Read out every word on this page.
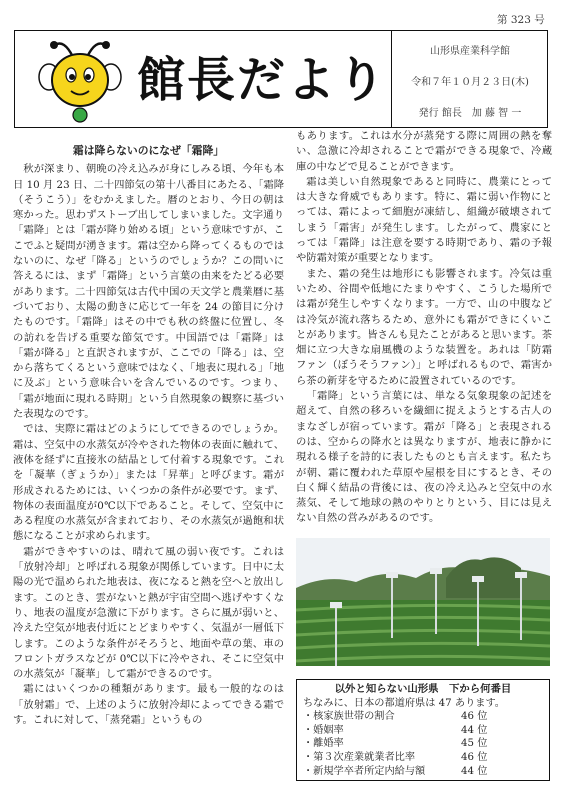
第 323 号
館長だより
山形県産業科学館
令和７年１０月２３日(木)
発行 館長　加 藤 智 一
霜は降らないのになぜ「霜降」

秋が深まり、朝晩の冷え込みが身にしみる頃、今年も本日 10 月 23 日、二十四節気の第十八番目にあたる、「霜降（そうこう）」をむかえました。暦のとおり、今日の朝は寒かった。思わずストーブ出してしまいました。文字通り「霜降」とは「霜が降り始める頃」という意味ですが、ここでふと疑問が湧きます。霜は空から降ってくるものではないのに、なぜ「降る」というのでしょうか？この問いに答えるには、まず「霜降」という言葉の由来をたどる必要があります。二十四節気は古代中国の天文学と農業暦に基づいており、太陽の動きに応じて一年を 24 の節目に分けたものです。「霜降」はその中でも秋の終盤に位置し、冬の訪れを告げる重要な節気です。中国語では「霜降」は「霜が降る」と直訳されますが、ここでの「降る」は、空から落ちてくるという意味ではなく、「地表に現れる」「地に及ぶ」という意味合いを含んでいるのです。つまり、「霜が地面に現れる時期」という自然現象の観察に基づいた表現なのです。

では、実際に霜はどのようにしてできるのでしょうか。霜は、空気中の水蒸気が冷やされた物体の表面に触れて、液体を経ずに直接氷の結晶として付着する現象です。これを「凝華（ぎょうか）」または「昇華」と呼びます。霜が形成されるためには、いくつかの条件が必要です。まず、物体の表面温度が0℃以下であること。そして、空気中にある程度の水蒸気が含まれており、その水蒸気が過飽和状態になることが求められます。

霜ができやすいのは、晴れて風の弱い夜です。これは「放射冷却」と呼ばれる現象が関係しています。日中に太陽の光で温められた地表は、夜になると熱を空へと放出します。このとき、雲がないと熱が宇宙空間へ逃げやすくなり、地表の温度が急激に下がります。さらに風が弱いと、冷えた空気が地表付近にとどまりやすく、気温が一層低下します。このような条件がそろうと、地面や草の葉、車のフロントガラスなどが 0℃以下に冷やされ、そこに空気中の水蒸気が「凝華」して霜ができるのです。

霜にはいくつかの種類があります。最も一般的なのは「放射霜」で、上述のように放射冷却によってできる霜です。これに対して、「蒸発霜」というもの

もあります。これは水分が蒸発する際に周囲の熱を奪い、急激に冷却されることで霜ができる現象で、冷蔵庫の中などで見ることができます。

霜は美しい自然現象であると同時に、農業にとっては大きな脅威でもあります。特に、霜に弱い作物にとっては、霜によって細胞が凍結し、組織が破壊されてしまう「霜害」が発生します。したがって、農家にとっては「霜降」は注意を要する時期であり、霜の予報や防霜対策が重要となります。

また、霜の発生は地形にも影響されます。冷気は重いため、谷間や低地にたまりやすく、こうした場所では霜が発生しやすくなります。一方で、山の中腹などは冷気が流れ落ちるため、意外にも霜ができにくいことがあります。皆さんも見たことがあると思います。茶畑に立つ大きな扇風機のような装置を。あれは「防霜ファン（ぼうそうファン）」と呼ばれるもので、霜害から茶の新芽を守るために設置されているのです。

「霜降」という言葉には、単なる気象現象の記述を超えて、自然の移ろいを繊細に捉えようとする古人のまなざしが宿っています。霜が「降る」と表現されるのは、空からの降水とは異なりますが、地表に静かに現れる様子を詩的に表したものとも言えます。私たちが朝、霜に覆われた草原や屋根を目にするとき、その白く輝く結晶の背後には、夜の冷え込みと空気中の水蒸気、そして地球の熱のやりとりという、目には見えない自然の営みがあるのです。

以外と知らない山形県　下から何番目
ちなみに、日本の都道府県は 47 あります。
・核家族世帯の割合	46 位
・婚姻率	44 位
・離婚率	45 位
・第３次産業就業者比率	46 位
・新規学卒者所定内給与額	44 位
